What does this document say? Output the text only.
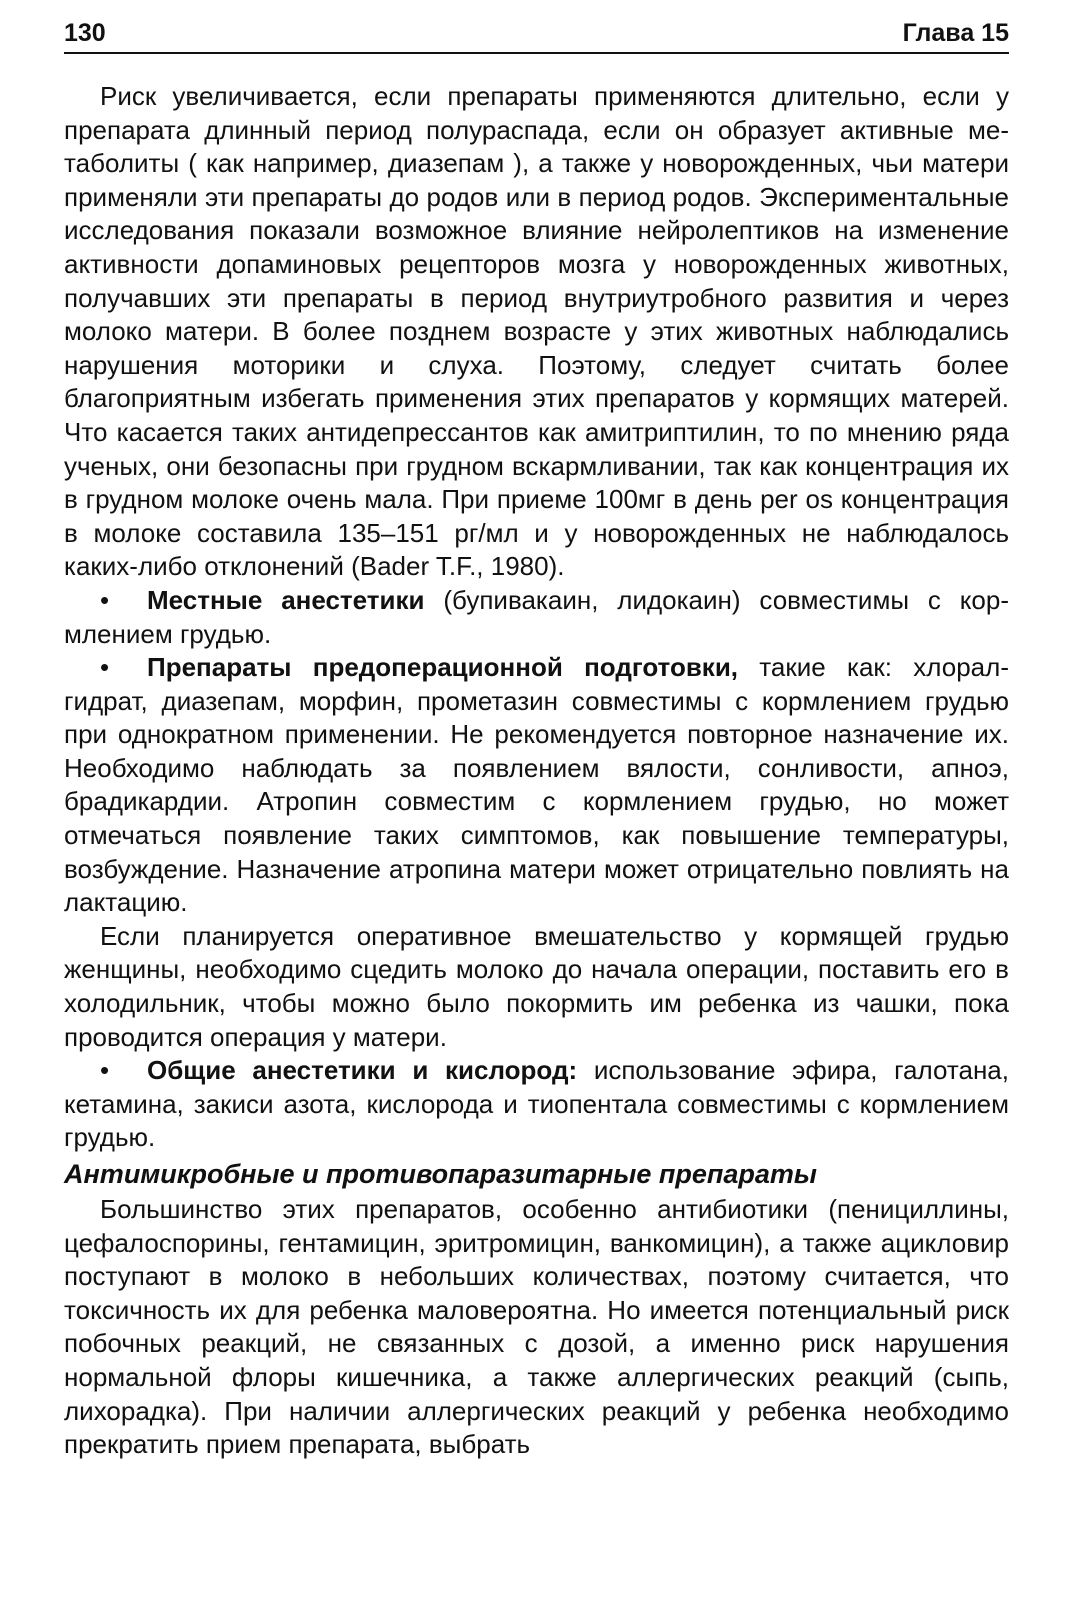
130	Глава 15

Риск увеличивается, если препараты применяются длительно, если у препарата длинный период полураспада, если он образует активные метаболиты ( как например, диазепам ), а также у новорожденных, чьи матери применяли эти препараты до родов или в период родов. Экспериментальные исследования показали возможное влияние нейролептиков на изменение активности допаминовых рецепторов мозга у новорожденных животных, получавших эти препараты в период внутриутробного развития и через молоко матери. В более позднем возрасте у этих животных наблюдались нарушения моторики и слуха. Поэтому, следует считать более благоприятным избегать применения этих препаратов у кормящих матерей. Что касается таких антидепрессантов как амитриптилин, то по мнению ряда ученых, они безопасны при грудном вскармливании, так как концентрация их в грудном молоке очень мала. При приеме 100мг в день per os концентрация в молоке составила 135–151 рг/мл и у новорожденных не наблюдалось каких-либо отклонений (Bader T.F., 1980).

•Местные анестетики (бупивакаин, лидокаин) совместимы с кормлением грудью.

•Препараты предоперационной подготовки, такие как: хлоралгидрат, диазепам, морфин, прометазин совместимы с кормлением грудью при однократном применении. Не рекомендуется повторное назначение их. Необходимо наблюдать за появлением вялости, сонливости, апноэ, брадикардии. Атропин совместим с кормлением грудью, но может отмечаться появление таких симптомов, как повышение температуры, возбуждение. Назначение атропина матери может отрицательно повлиять на лактацию.

Если планируется оперативное вмешательство у кормящей грудью женщины, необходимо сцедить молоко до начала операции, поставить его в холодильник, чтобы можно было покормить им ребенка из чашки, пока проводится операция у матери.

•Общие анестетики и кислород: использование эфира, галотана, кетамина, закиси азота, кислорода и тиопентала совместимы с кормлением грудью.

Антимикробные и противопаразитарные препараты

Большинство этих препаратов, особенно антибиотики (пенициллины, цефалоспорины, гентамицин, эритромицин, ванкомицин), а также ацикловир поступают в молоко в небольших количествах, поэтому считается, что токсичность их для ребенка маловероятна. Но имеется потенциальный риск побочных реакций, не связанных с дозой, а именно риск нарушения нормальной флоры кишечника, а также аллергических реакций (сыпь, лихорадка). При наличии аллергических реакций у ребенка необходимо прекратить прием препарата, выбрать
